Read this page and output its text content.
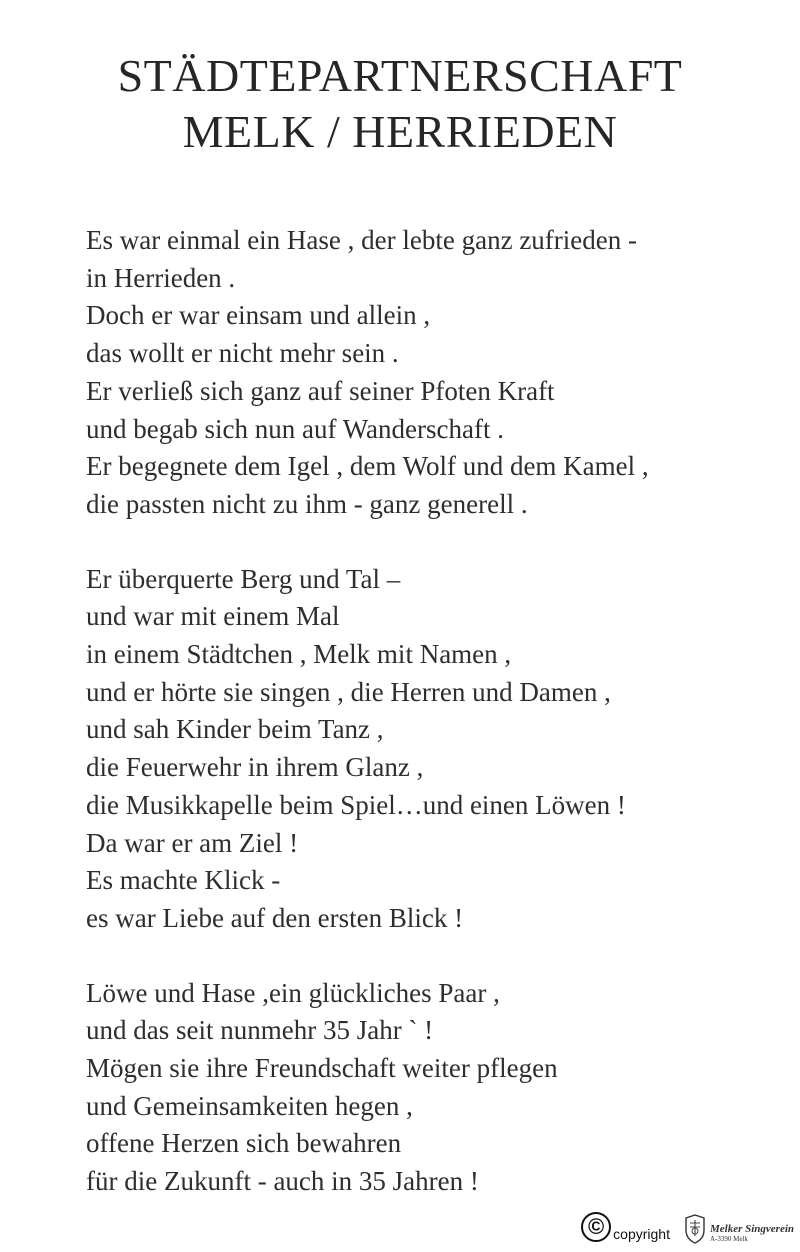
STÄDTEPARTNERSCHAFT
MELK / HERRIEDEN
Es war einmal ein Hase , der lebte ganz zufrieden -
in Herrieden .
Doch er war einsam und allein ,
das wollt er nicht mehr sein .
Er verließ sich ganz auf seiner Pfoten Kraft
und begab sich nun auf Wanderschaft .
Er begegnete dem Igel , dem Wolf und dem Kamel ,
die passten nicht zu ihm - ganz generell .
Er überquerte Berg und Tal –
und war mit einem Mal
in einem Städtchen , Melk mit Namen ,
und er hörte sie singen , die Herren und Damen ,
und sah Kinder beim Tanz ,
die Feuerwehr in ihrem Glanz ,
die Musikkapelle beim Spiel…und einen Löwen !
Da war er am Ziel !
Es machte Klick -
es war Liebe auf den ersten Blick !
Löwe und Hase ,ein glückliches Paar ,
und das seit nunmehr 35 Jahr ` !
Mögen sie ihre Freundschaft weiter pflegen
und Gemeinsamkeiten hegen ,
offene Herzen sich bewahren
für die Zukunft - auch in 35 Jahren !
© copyright	Melker Singverein
A-3390 Melk
